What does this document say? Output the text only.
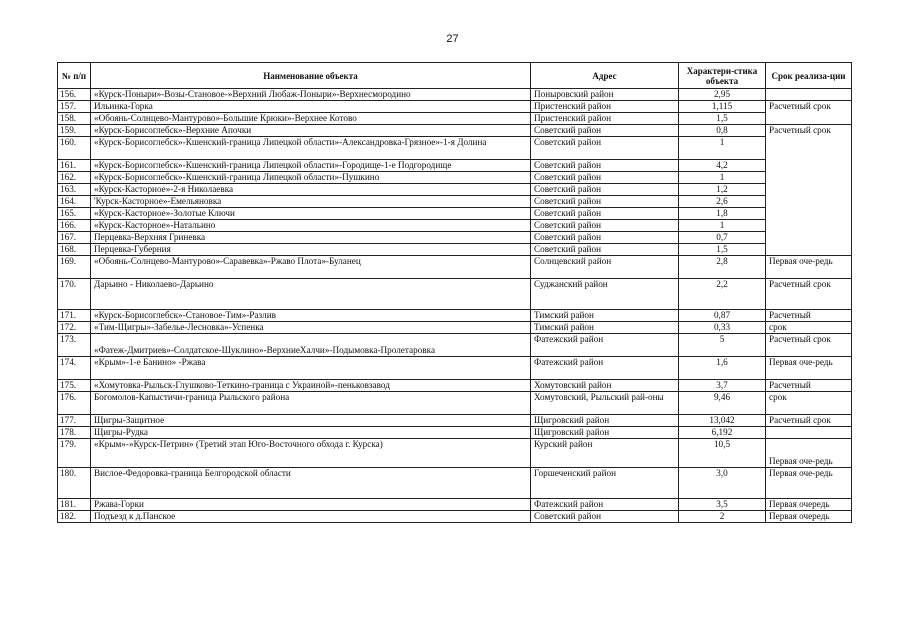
27
№ п/п	Наименование объекта	Адрес	Характери-стика объекта	Срок реализа-ции
156.	«Курск-Поныри»-Возы-Становое-»Верхний Любаж-Поныри»-Верхнесмородино	Поныровский район	2,95	
157.	Ильинка-Горка	Пристенский район	1,115	Расчетный срок
158.	«Обоянь-Солнцево-Мантурово»-Большие Крюки»-Верхнее Котово	Пристенский район	1,5	
159.	«Курск-Борисоглебск»-Верхние Апочки	Советский район	0,8	Расчетный срок
160.	«Курск-Борисоглебск»-Кшенский-граница Липецкой области»-Александровка-Грязное»-1-я Долина	Советский район	1	
161.	«Курск-Борисоглебск»-Кшенский-граница Липецкой области»-Городище-1-е Подгородище	Советский район	4,2	
162.	«Курск-Борисоглебск»-Кшенский-граница Липецкой области»-Пушкино	Советский район	1	
163.	«Курск-Касторное»-2-я Николаевка	Советский район	1,2	
164.	'Курск-Касторное»-Емельяновка	Советский район	2,6	
165.	«Курск-Касторное»-Золотые Ключи	Советский район	1,8	
166.	«Курск-Касторное»-Натальино	Советский район	1	
167.	Перцевка-Верхняя Гриневка	Советский район	0,7	
168.	Перцевка-Губерния	Советский район	1,5	
169.	«Обоянь-Солнцево-Мантурово»-Саравевка»-Ржаво Плота»-Буланец	Солнцевский район	2,8	Первая оче-редь
170.	Дарьино - Николаево-Дарьино	Суджанский район	2,2	Расчетный срок
171.	«Курск-Борисоглебск»-Становое-Тим»-Разлив	Тимский район	0,87	Расчетный
172.	«Тим-Щигры»-Забелье-Лесновка»-Успенка	Тимский район	0,33	срок
173.	«Фатеж-Дмитриев»-Солдатское-Шуклино»-ВерхниеХалчи»-Подымовка-Пролетаровка	Фатежский район	5	Расчетный срок
174.	«Крым»-1-е Банино» -Ржава	Фатежский район	1,6	Первая оче-редь
175.	«Хомутовка-Рыльск-Глушково-Теткино-граница с Украиной»-пеньковзавод	Хомутовский район	3,7	Расчетный
176.	Богомолов-Капыстичи-граница Рыльского района	Хомутовский, Рыльский рай-оны	9,46	срок
177.	Щигры-Защитное	Щигровский район	13,042	Расчетный срок
178.	Щигры-Рудка	Щигровский район	6,192	
179.	«Крым»-»Курск-Петрин» (Третий этап Юго-Восточного обхода г. Курска)	Курский район	10,5	Первая оче-редь
180.	Вислое-Федоровка-граница Белгородской области	Горшеченский район	3,0	Первая оче-редь
181.	Ржава-Горки	Фатежский район	3,5	Первая очередь
182.	Подъезд к д.Панское	Советский район	2	Первая очередь
